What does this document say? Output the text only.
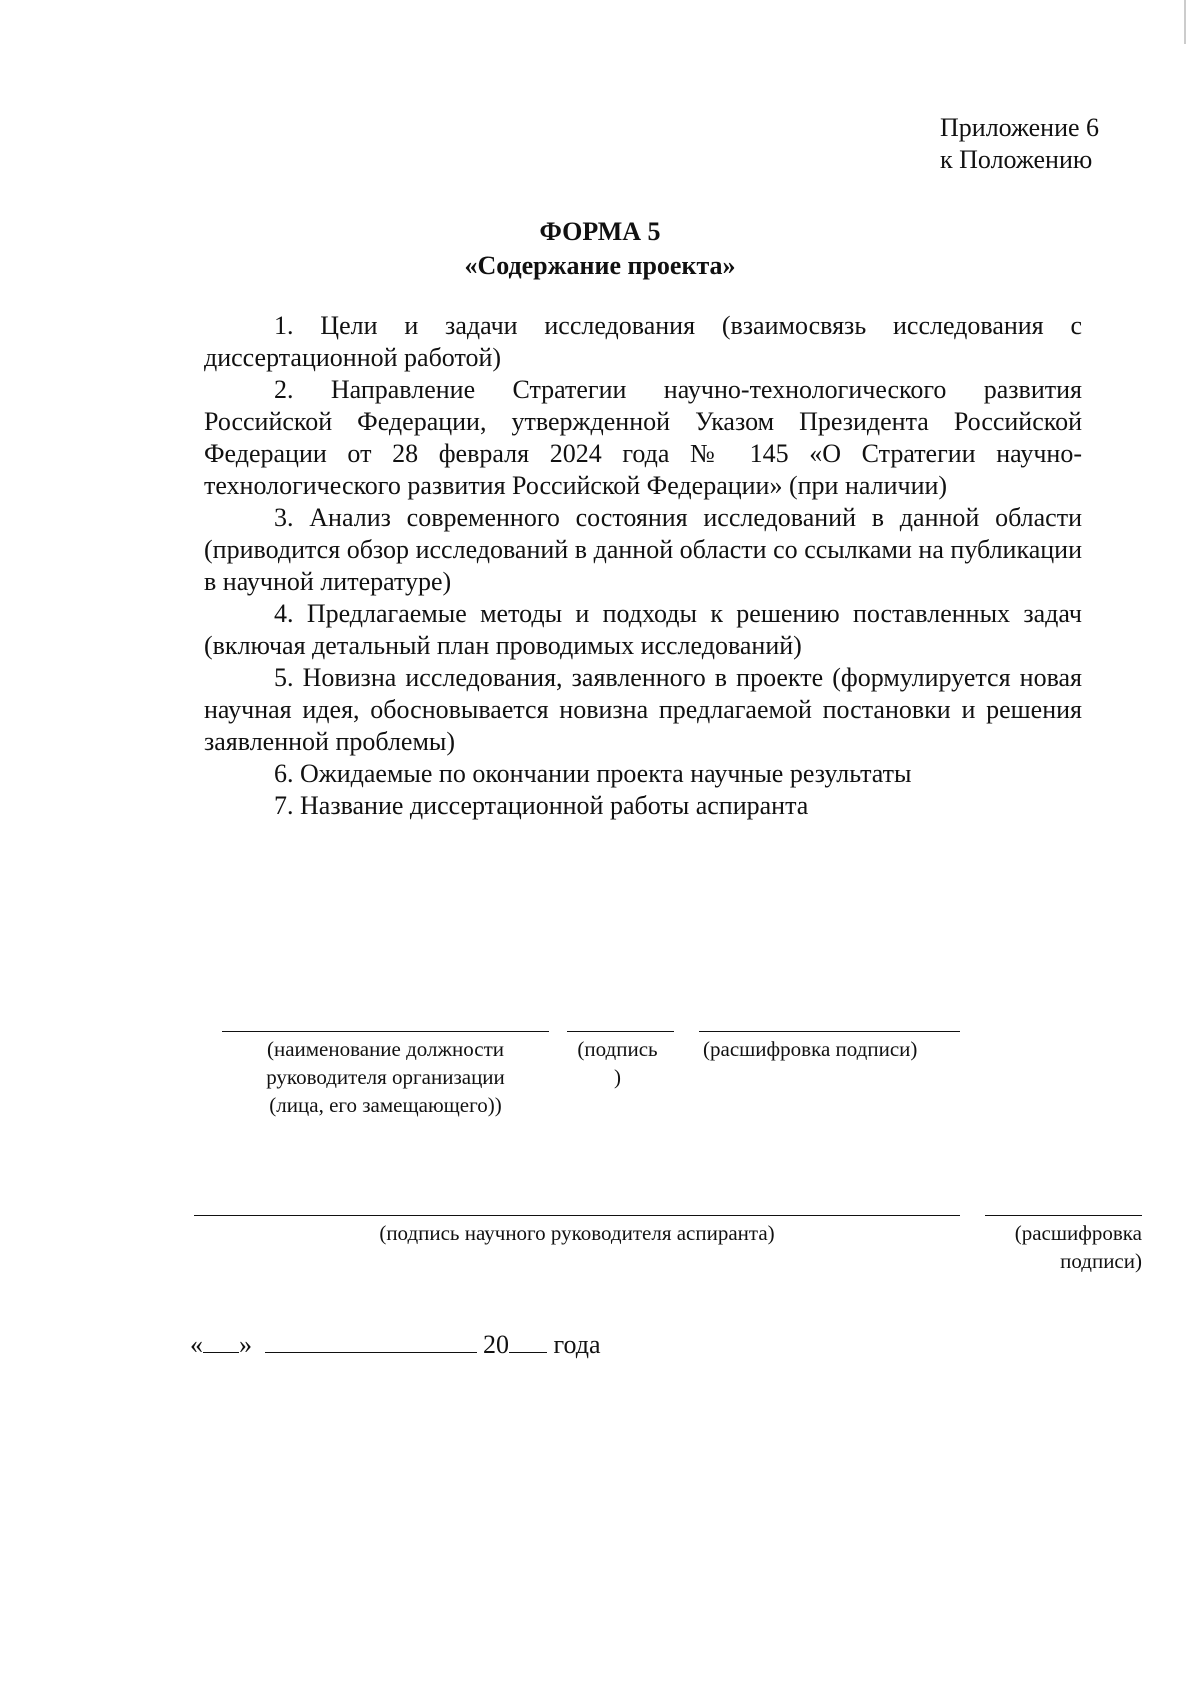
Приложение 6
к Положению
ФОРМА 5
«Содержание проекта»

1. Цели и задачи исследования (взаимосвязь исследования с диссертационной работой)

2. Направление Стратегии научно-технологического развития Российской Федерации, утвержденной Указом Президента Российской Федерации от 28 февраля 2024 года № 145 «О Стратегии научно-технологического развития Российской Федерации» (при наличии)

3. Анализ современного состояния исследований в данной области (приводится обзор исследований в данной области со ссылками на публикации в научной литературе)

4. Предлагаемые методы и подходы к решению поставленных задач (включая детальный план проводимых исследований)

5. Новизна исследования, заявленного в проекте (формулируется новая научная идея, обосновывается новизна предлагаемой постановки и решения заявленной проблемы)

6. Ожидаемые по окончании проекта научные результаты

7. Название диссертационной работы аспиранта

(наименование должности
руководителя организации
(лица, его замещающего))
(подпись
)
(расшифровка подписи)
(подпись научного руководителя аспиранта)	(расшифровка
подписи)
« »	20 года
